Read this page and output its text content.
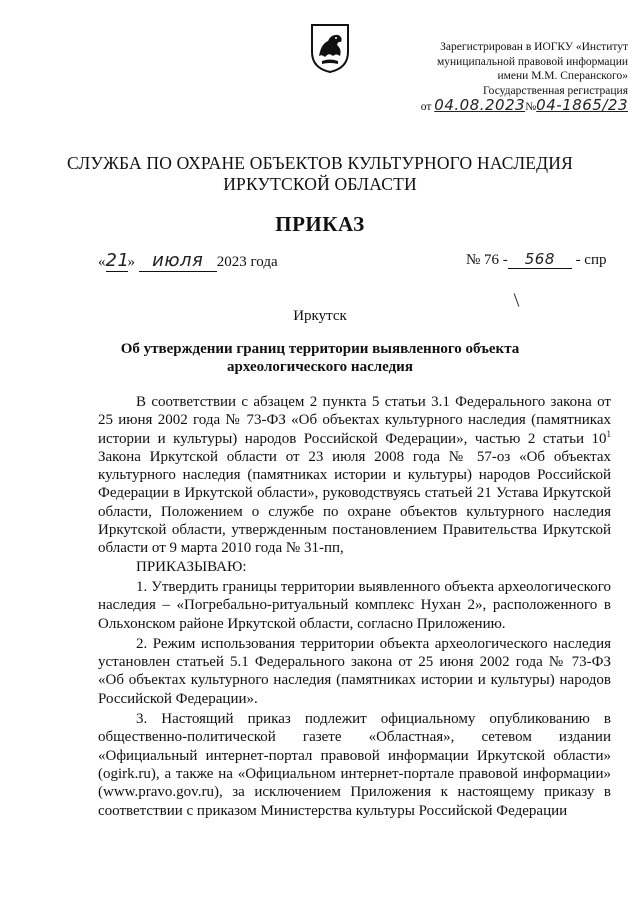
Зарегистрирован в ИОГКУ «Институт
муниципальной правовой информации
имени М.М. Сперанского»
Государственная регистрация
от 04.08.2023№04-1865/23
СЛУЖБА ПО ОХРАНЕ ОБЪЕКТОВ КУЛЬТУРНОГО НАСЛЕДИЯ
ИРКУТСКОЙ ОБЛАСТИ
ПРИКАЗ
«21» июля 2023 года	№ 76 - 568 - спр
Иркутск
Об утверждении границ территории выявленного объекта
археологического наследия

В соответствии с абзацем 2 пункта 5 статьи 3.1 Федерального закона от 25 июня 2002 года № 73-ФЗ «Об объектах культурного наследия (памятниках истории и культуры) народов Российской Федерации», частью 2 статьи $10^1$ Закона Иркутской области от 23 июля 2008 года № 57-оз «Об объектах культурного наследия (памятниках истории и культуры) народов Российской Федерации в Иркутской области», руководствуясь статьей 21 Устава Иркутской области, Положением о службе по охране объектов культурного наследия Иркутской области, утвержденным постановлением Правительства Иркутской области от 9 марта 2010 года № 31-пп,

ПРИКАЗЫВАЮ:

1. Утвердить границы территории выявленного объекта археологического наследия – «Погребально-ритуальный комплекс Нухан 2», расположенного в Ольхонском районе Иркутской области, согласно Приложению.

2. Режим использования территории объекта археологического наследия установлен статьей 5.1 Федерального закона от 25 июня 2002 года № 73-ФЗ «Об объектах культурного наследия (памятниках истории и культуры) народов Российской Федерации».

3. Настоящий приказ подлежит официальному опубликованию в общественно-политической газете «Областная», сетевом издании «Официальный интернет-портал правовой информации Иркутской области» (ogirk.ru), а также на «Официальном интернет-портале правовой информации» (www.pravo.gov.ru), за исключением Приложения к настоящему приказу в соответствии с приказом Министерства культуры Российской Федерации
